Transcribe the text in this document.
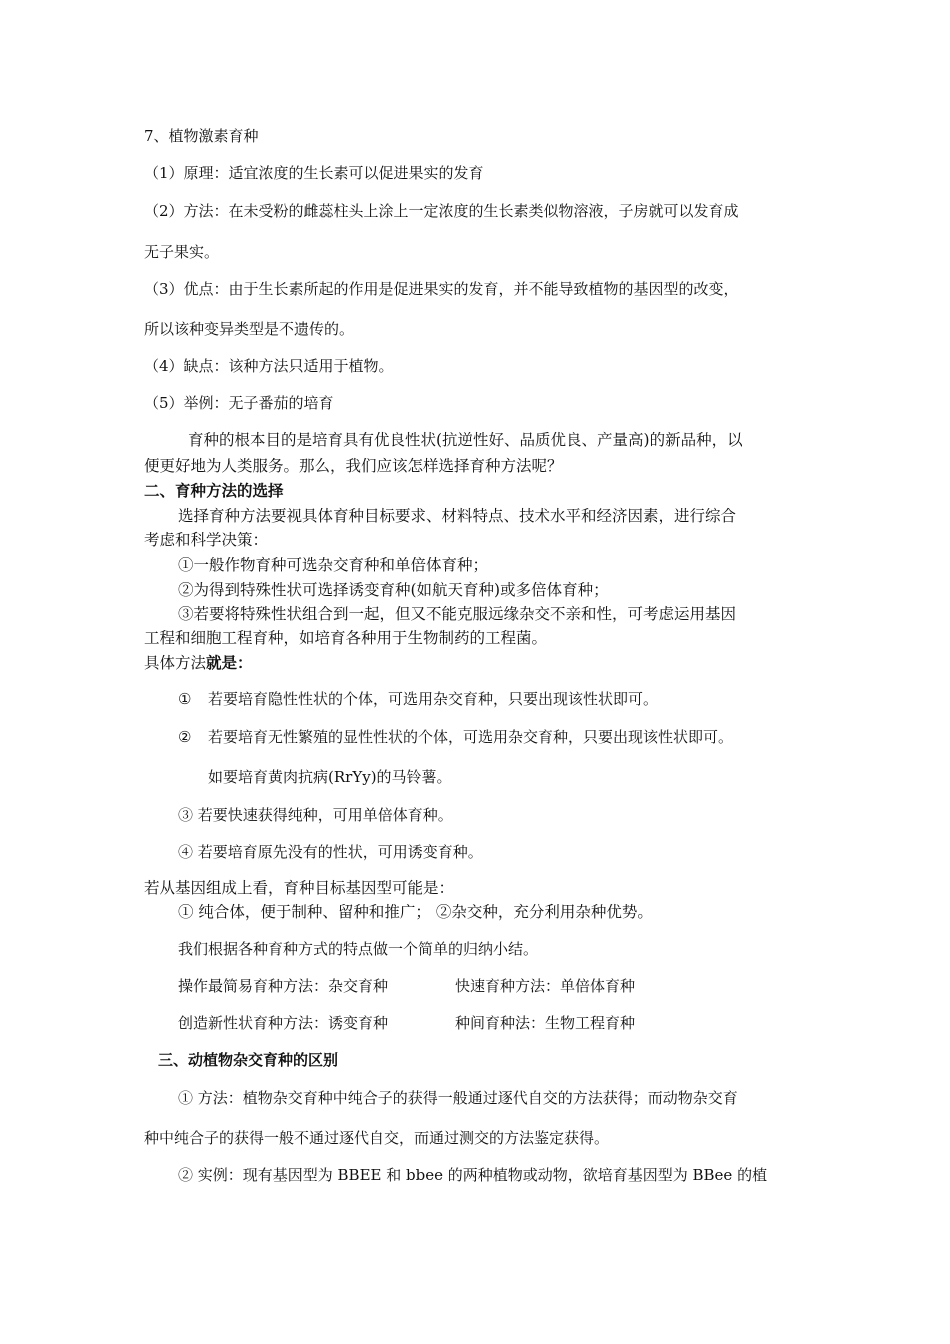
7、植物激素育种
（1）原理：适宜浓度的生长素可以促进果实的发育
（2）方法：在未受粉的雌蕊柱头上涂上一定浓度的生长素类似物溶液，子房就可以发育成
无子果实。
（3）优点：由于生长素所起的作用是促进果实的发育，并不能导致植物的基因型的改变，
所以该种变异类型是不遗传的。
（4）缺点：该种方法只适用于植物。
（5）举例：无子番茄的培育
育种的根本目的是培育具有优良性状(抗逆性好、品质优良、产量高)的新品种，以
便更好地为人类服务。那么，我们应该怎样选择育种方法呢？
二、育种方法的选择
选择育种方法要视具体育种目标要求、材料特点、技术水平和经济因素，进行综合
考虑和科学决策：
①一般作物育种可选杂交育种和单倍体育种；
②为得到特殊性状可选择诱变育种(如航天育种)或多倍体育种；
③若要将特殊性状组合到一起，但又不能克服远缘杂交不亲和性，可考虑运用基因
工程和细胞工程育种，如培育各种用于生物制药的工程菌。
具体方法就是：
① 若要培育隐性性状的个体，可选用杂交育种，只要出现该性状即可。
② 若要培育无性繁殖的显性性状的个体，可选用杂交育种，只要出现该性状即可。
如要培育黄肉抗病(RrYy)的马铃薯。
③ 若要快速获得纯种，可用单倍体育种。
④ 若要培育原先没有的性状，可用诱变育种。
若从基因组成上看，育种目标基因型可能是：
① 纯合体，便于制种、留种和推广； ②杂交种，充分利用杂种优势。
我们根据各种育种方式的特点做一个简单的归纳小结。
操作最简易育种方法：杂交育种	快速育种方法：单倍体育种
创造新性状育种方法：诱变育种	种间育种法：生物工程育种
三、动植物杂交育种的区别
① 方法：植物杂交育种中纯合子的获得一般通过逐代自交的方法获得；而动物杂交育
种中纯合子的获得一般不通过逐代自交，而通过测交的方法鉴定获得。
② 实例：现有基因型为 BBEE 和 bbee 的两种植物或动物，欲培育基因型为 BBee 的植
